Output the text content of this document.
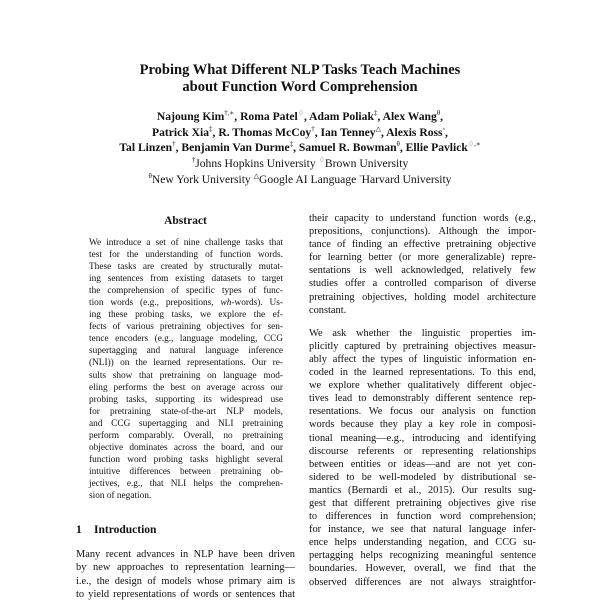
Probing What Different NLP Tasks Teach Machines
about Function Word Comprehension
Najoung Kim†,∗, Roma Patel♢, Adam Poliak‡, Alex Wang$^\theta$,
Patrick Xia‡, R. Thomas McCoy†, Ian Tenney△, Alexis Ross◦,
Tal Linzen†, Benjamin Van Durme‡, Samuel R. Bowman$^\theta$, Ellie Pavlick♢,∗
†Johns Hopkins University ♢Brown University
$^\theta$New York University △Google AI Language ◦Harvard University
Abstract
We introduce a set of nine challenge tasks that
test for the understanding of function words.
These tasks are created by structurally mutat-
ing sentences from existing datasets to target
the comprehension of specific types of func-
tion words (e.g., prepositions, wh-words). Us-
ing these probing tasks, we explore the ef-
fects of various pretraining objectives for sen-
tence encoders (e.g., language modeling, CCG
supertagging and natural language inference
(NLI)) on the learned representations. Our re-
sults show that pretraining on language mod-
eling performs the best on average across our
probing tasks, supporting its widespread use
for pretraining state-of-the-art NLP models,
and CCG supertagging and NLI pretraining
perform comparably. Overall, no pretraining
objective dominates across the board, and our
function word probing tasks highlight several
intuitive differences between pretraining ob-
jectives, e.g., that NLI helps the comprehen-
sion of negation.
1 Introduction
Many recent advances in NLP have been driven
by new approaches to representation learning—
i.e., the design of models whose primary aim is
to yield representations of words or sentences that
their capacity to understand function words (e.g.,
prepositions, conjunctions). Although the impor-
tance of finding an effective pretraining objective
for learning better (or more generalizable) repre-
sentations is well acknowledged, relatively few
studies offer a controlled comparison of diverse
pretraining objectives, holding model architecture
constant.
We ask whether the linguistic properties im-
plicitly captured by pretraining objectives measur-
ably affect the types of linguistic information en-
coded in the learned representations. To this end,
we explore whether qualitatively different objec-
tives lead to demonstrably different sentence rep-
resentations. We focus our analysis on function
words because they play a key role in composi-
tional meaning—e.g., introducing and identifying
discourse referents or representing relationships
between entities or ideas—and are not yet con-
sidered to be well-modeled by distributional se-
mantics (Bernardi et al., 2015). Our results sug-
gest that different pretraining objectives give rise
to differences in function word comprehension;
for instance, we see that natural language infer-
ence helps understanding negation, and CCG su-
pertagging helps recognizing meaningful sentence
boundaries. However, overall, we find that the
observed differences are not always straightfor-
